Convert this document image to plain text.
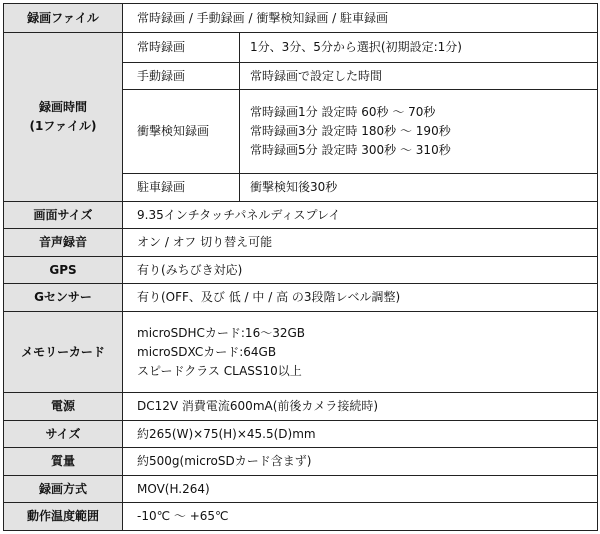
録画ファイル	常時録画 / 手動録画 / 衝撃検知録画 / 駐車録画	

録画時間
(1ファイル)	常時録画	1分、3分、5分から選択(初期設定:1分)
	手動録画	常時録画で設定した時間
	衝撃検知録画	常時録画1分 設定時 60秒 〜 70秒
常時録画3分 設定時 180秒 〜 190秒
常時録画5分 設定時 300秒 〜 310秒

	駐車録画	衝撃検知後30秒
画面サイズ	9.35インチタッチパネルディスプレイ	
音声録音	オン / オフ 切り替え可能	
GPS	有り(みちびき対応)	
Gセンサー	有り(OFF、及び 低 / 中 / 高 の3段階レベル調整)	
メモリーカード	microSDHCカード:16〜32GB
microSDXCカード:64GB
スピードクラス CLASS10以上	

電源	DC12V 消費電流600mA(前後カメラ接続時)	
サイズ	約265(W)×75(H)×45.5(D)mm	
質量	約500g(microSDカード含まず)	
録画方式	MOV(H.264)	
動作温度範囲	-10℃ 〜 +65℃	
